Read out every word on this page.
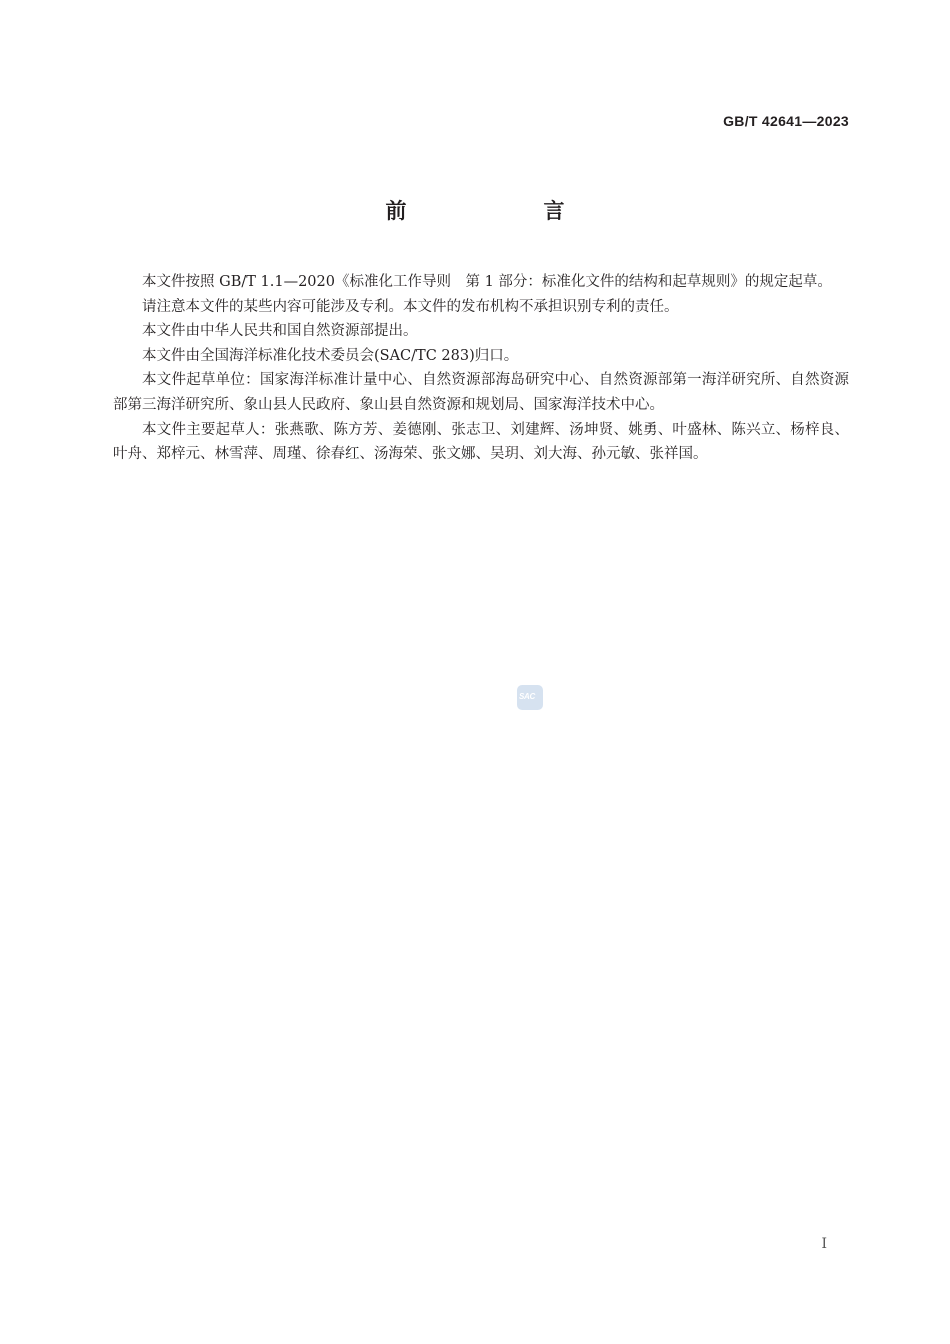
GB/T 42641—2023
前　言

本文件按照 GB/T 1.1—2020《标准化工作导则　第 1 部分：标准化文件的结构和起草规则》的规定起草。

请注意本文件的某些内容可能涉及专利。本文件的发布机构不承担识别专利的责任。

本文件由中华人民共和国自然资源部提出。

本文件由全国海洋标准化技术委员会(SAC/TC 283)归口。

本文件起草单位：国家海洋标准计量中心、自然资源部海岛研究中心、自然资源部第一海洋研究所、自然资源部第三海洋研究所、象山县人民政府、象山县自然资源和规划局、国家海洋技术中心。

本文件主要起草人：张燕歌、陈方芳、姜德刚、张志卫、刘建辉、汤坤贤、姚勇、叶盛林、陈兴立、杨梓良、叶舟、郑梓元、林雪萍、周瑾、徐春红、汤海荣、张文娜、吴玥、刘大海、孙元敏、张祥国。

SAC
I
